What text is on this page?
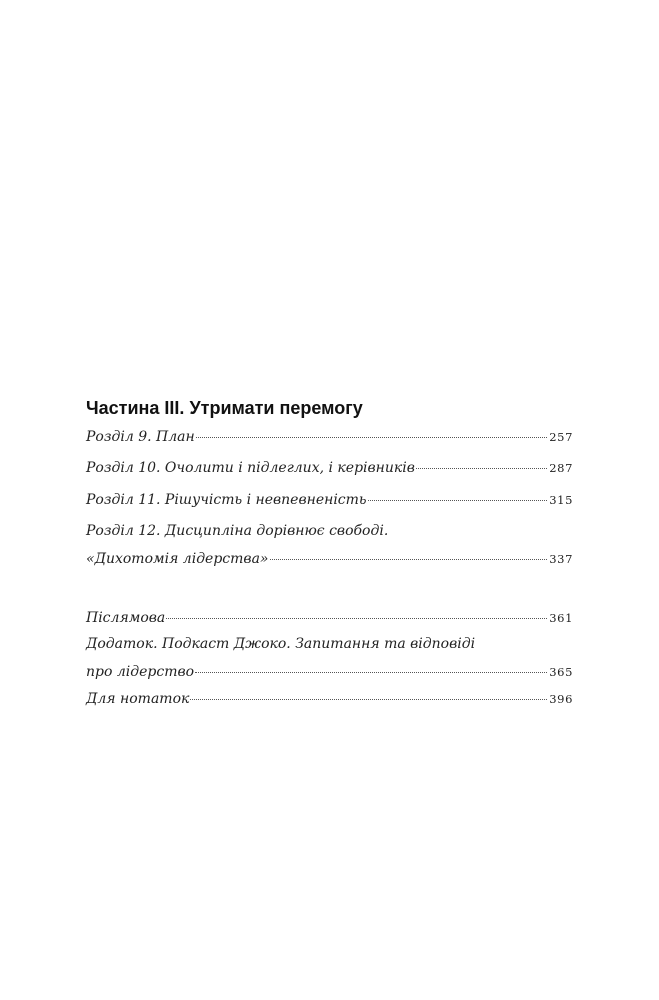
Частина III. Утримати перемогу
Розділ 9. План	257
Розділ 10. Очолити і підлеглих, і керівників	287
Розділ 11. Рішучість і невпевненість	315
Розділ 12. Дисципліна дорівнює свободі.
«Дихотомія лідерства»	337
Післямова	361
Додаток. Подкаст Джоко. Запитання та відповіді
про лідерство	365
Для нотаток	396
